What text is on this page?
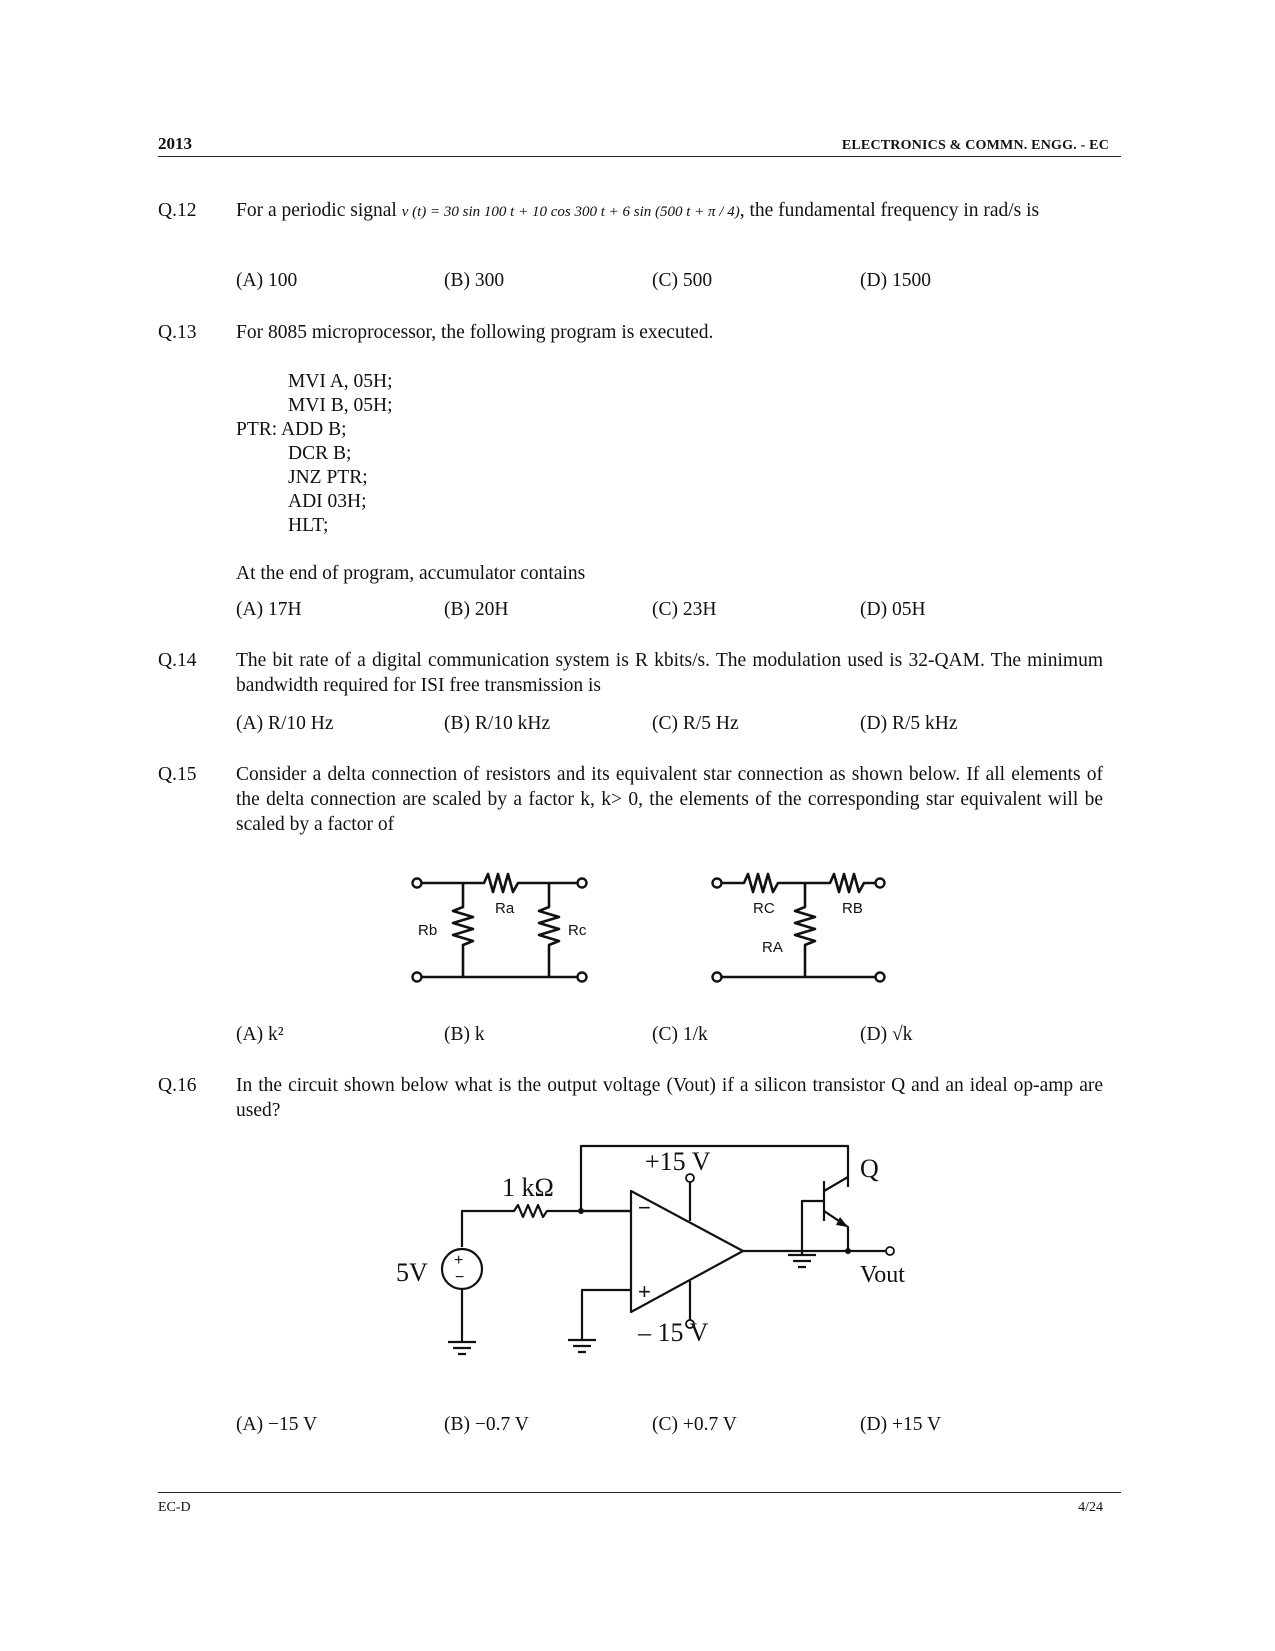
2013	ELECTRONICS & COMMN. ENGG. - EC
Q.12 For a periodic signal v (t) = 30 sin 100 t + 10 cos 300 t + 6 sin (500 t + π / 4), the fundamental frequency in rad/s is
(A) 100	(B) 300	(C) 500	(D) 1500
Q.13 For 8085 microprocessor, the following program is executed.
MVI A, 05H;
MVI B, 05H;
PTR: ADD B;
DCR B;
JNZ PTR;
ADI 03H;
HLT;
At the end of program, accumulator contains
(A) 17H	(B) 20H	(C) 23H	(D) 05H
Q.14 The bit rate of a digital communication system is R kbits/s. The modulation used is 32-QAM. The minimum bandwidth required for ISI free transmission is
(A) R/10 Hz	(B) R/10 kHz	(C) R/5 Hz	(D) R/5 kHz
Q.15 Consider a delta connection of resistors and its equivalent star connection as shown below. If all elements of the delta connection are scaled by a factor k, k> 0, the elements of the corresponding star equivalent will be scaled by a factor of
Ra
Rb	Rc
RC	RB
RA
(A) k²	(B) k	(C) 1/k	(D) √k
Q.16 In the circuit shown below what is the output voltage (Vout) if a silicon transistor Q and an ideal op-amp are used?
+
−
−
+
1 kΩ
5V
+15 V
– 15 V
Q
Vout
(A) −15 V	(B) −0.7 V	(C) +0.7 V	(D) +15 V
EC-D	4/24
